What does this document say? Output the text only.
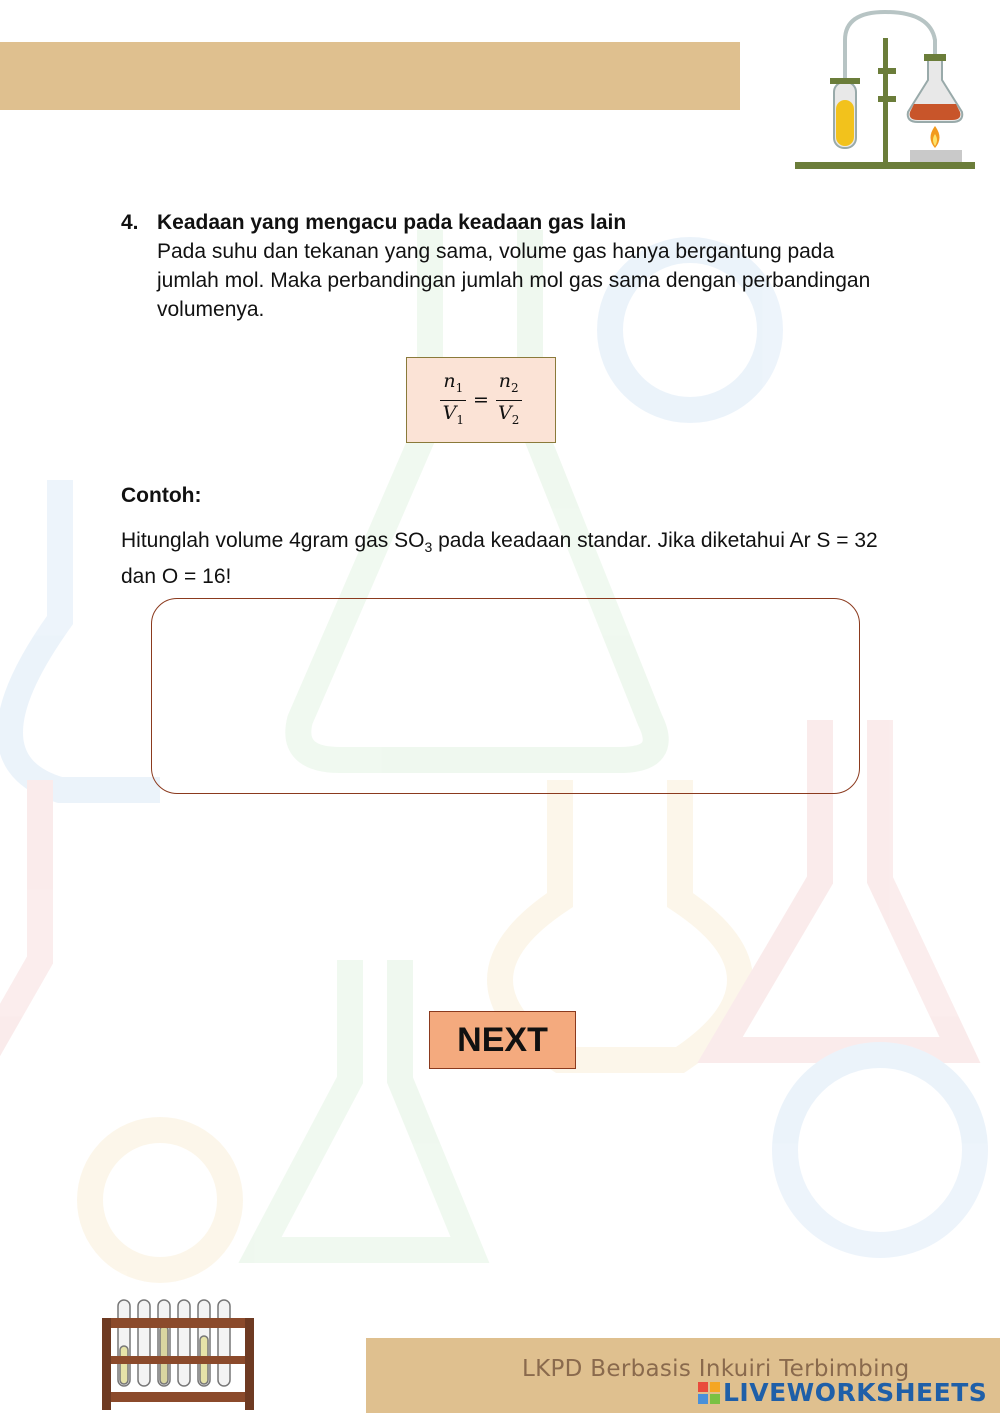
4. Keadaan yang mengacu pada keadaan gas lain
Pada suhu dan tekanan yang sama, volume gas hanya bergantung pada jumlah mol. Maka perbandingan jumlah mol gas sama dengan perbandingan volumenya.
$\frac{n_1}{V_1} = \frac{n_2}{V_2}$
Contoh:
Hitunglah volume 4gram gas $SO_3$ pada keadaan standar. Jika diketahui Ar S = 32 dan O = 16!
NEXT
LKPD Berbasis Inkuiri Terbimbing
LIVEWORKSHEETS
